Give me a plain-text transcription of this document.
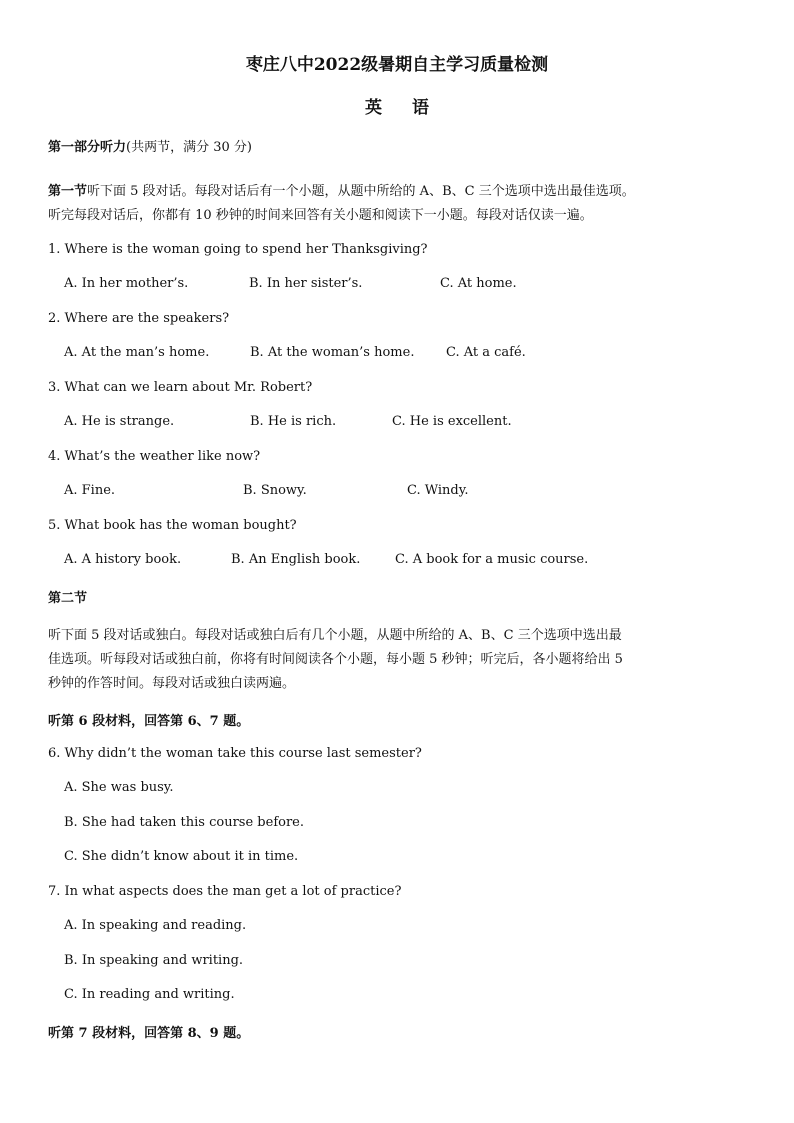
枣庄八中2022级暑期自主学习质量检测
英语
第一部分听力(共两节，满分 30 分)
第一节听下面 5 段对话。每段对话后有一个小题，从题中所给的 A、B、C 三个选项中选出最佳选项。
听完每段对话后，你都有 10 秒钟的时间来回答有关小题和阅读下一小题。每段对话仅读一遍。
1. Where is the woman going to spend her Thanksgiving?
A. In her mother’s.	B. In her sister’s.	C. At home.
2. Where are the speakers?
A. At the man’s home.	B. At the woman’s home. C. At a café.
3. What can we learn about Mr. Robert?
A. He is strange.	B. He is rich.	C. He is excellent.
4. What’s the weather like now?
A. Fine.	B. Snowy.	C. Windy.
5. What book has the woman bought?
A. A history book.	B. An English book.	C. A book for a music course.
第二节
听下面 5 段对话或独白。每段对话或独白后有几个小题，从题中所给的 A、B、C 三个选项中选出最
佳选项。听每段对话或独白前，你将有时间阅读各个小题，每小题 5 秒钟；听完后，各小题将给出 5
秒钟的作答时间。每段对话或独白读两遍。
听第 6 段材料，回答第 6、7 题。
6. Why didn’t the woman take this course last semester?
A. She was busy.
B. She had taken this course before.
C. She didn’t know about it in time.
7. In what aspects does the man get a lot of practice?
A. In speaking and reading.
B. In speaking and writing.
C. In reading and writing.
听第 7 段材料，回答第 8、9 题。
